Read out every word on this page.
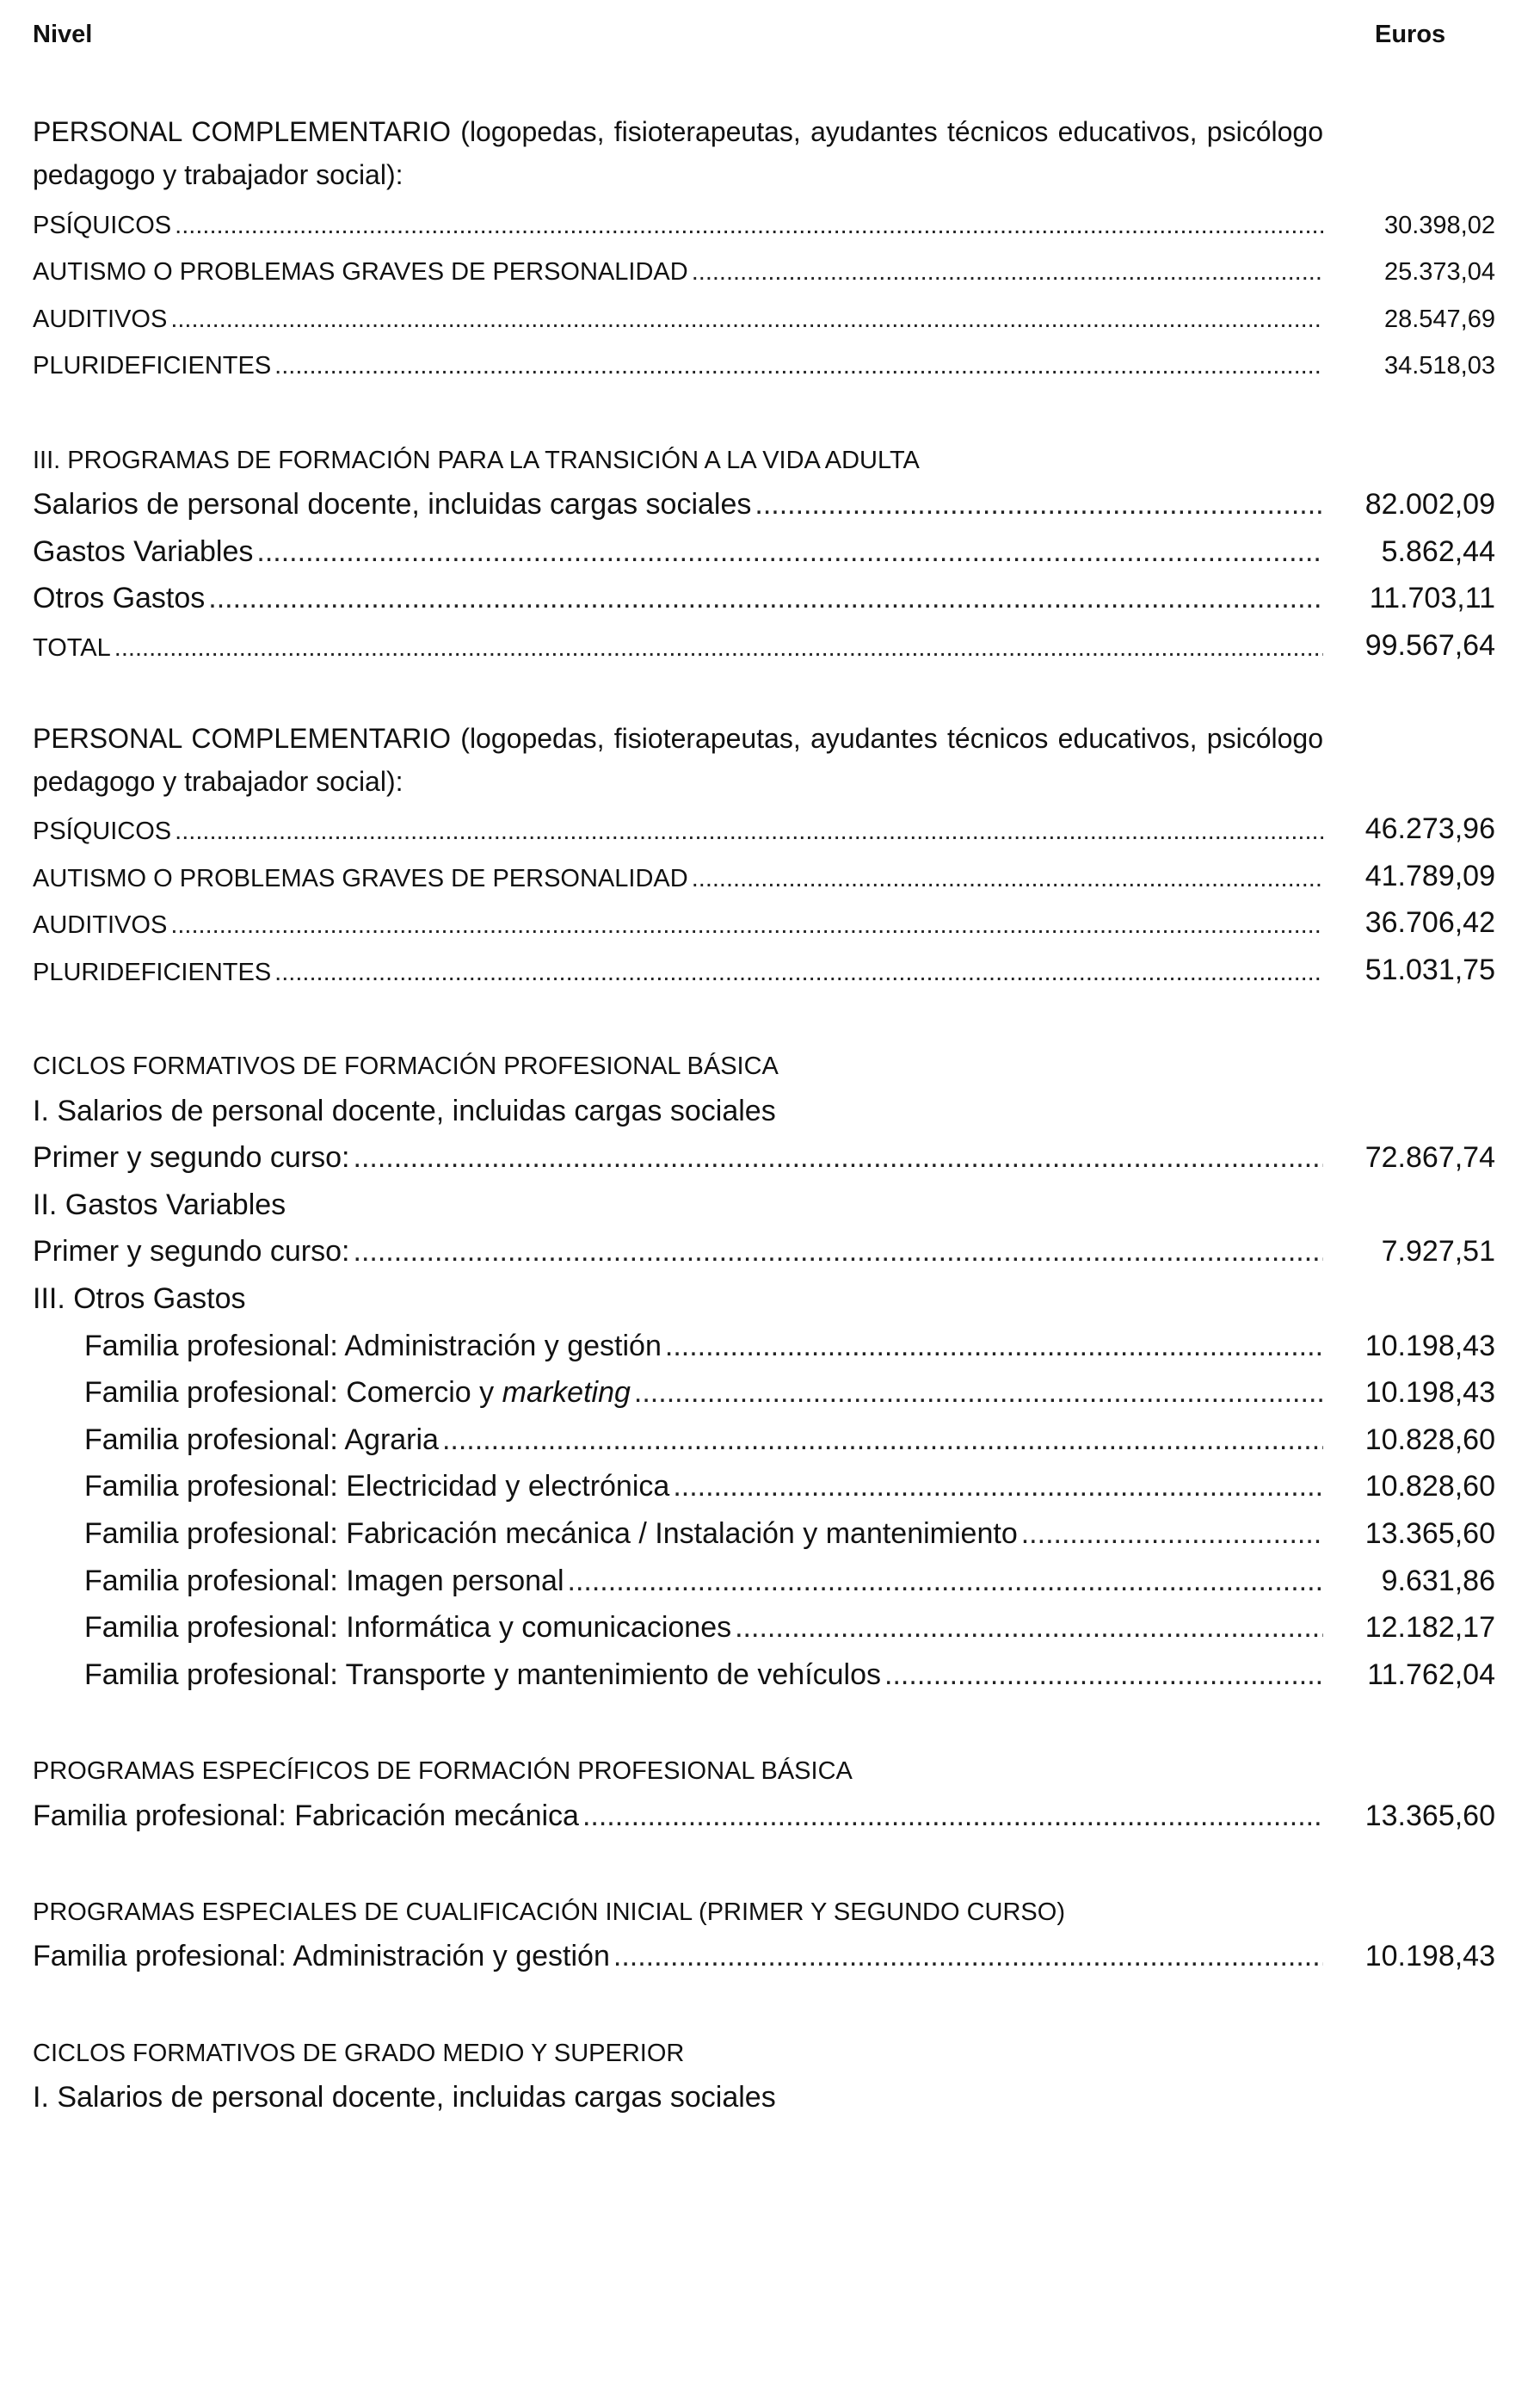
Nivel	Euros
PERSONAL COMPLEMENTARIO (logopedas, fisioterapeutas, ayudantes técnicos educativos, psicólogo pedagogo y trabajador social):
PSÍQUICOS .....	30.398,02
AUTISMO O PROBLEMAS GRAVES DE PERSONALIDAD .....	25.373,04
AUDITIVOS .....	28.547,69
PLURIDEFICIENTES .....	34.518,03
III. PROGRAMAS DE FORMACIÓN PARA LA TRANSICIÓN A LA VIDA ADULTA
Salarios de personal docente, incluidas cargas sociales .....	82.002,09
Gastos Variables .....	5.862,44
Otros Gastos .....	11.703,11
TOTAL .....	99.567,64
PERSONAL COMPLEMENTARIO (logopedas, fisioterapeutas, ayudantes técnicos educativos, psicólogo pedagogo y trabajador social):
PSÍQUICOS .....	46.273,96
AUTISMO O PROBLEMAS GRAVES DE PERSONALIDAD .....	41.789,09
AUDITIVOS .....	36.706,42
PLURIDEFICIENTES .....	51.031,75
CICLOS FORMATIVOS DE FORMACIÓN PROFESIONAL BÁSICA
I. Salarios de personal docente, incluidas cargas sociales
Primer y segundo curso: .....	72.867,74
II. Gastos Variables
Primer y segundo curso: .....	7.927,51
III. Otros Gastos
Familia profesional: Administración y gestión .....	10.198,43
Familia profesional: Comercio y marketing .....	10.198,43
Familia profesional: Agraria .....	10.828,60
Familia profesional: Electricidad y electrónica .....	10.828,60
Familia profesional: Fabricación mecánica / Instalación y mantenimiento .....	13.365,60
Familia profesional: Imagen personal .....	9.631,86
Familia profesional: Informática y comunicaciones .....	12.182,17
Familia profesional: Transporte y mantenimiento de vehículos .....	11.762,04
PROGRAMAS ESPECÍFICOS DE FORMACIÓN PROFESIONAL BÁSICA
Familia profesional: Fabricación mecánica .....	13.365,60
PROGRAMAS ESPECIALES DE CUALIFICACIÓN INICIAL (PRIMER Y SEGUNDO CURSO)
Familia profesional: Administración y gestión .....	10.198,43
CICLOS FORMATIVOS DE GRADO MEDIO Y SUPERIOR
I. Salarios de personal docente, incluidas cargas sociales
